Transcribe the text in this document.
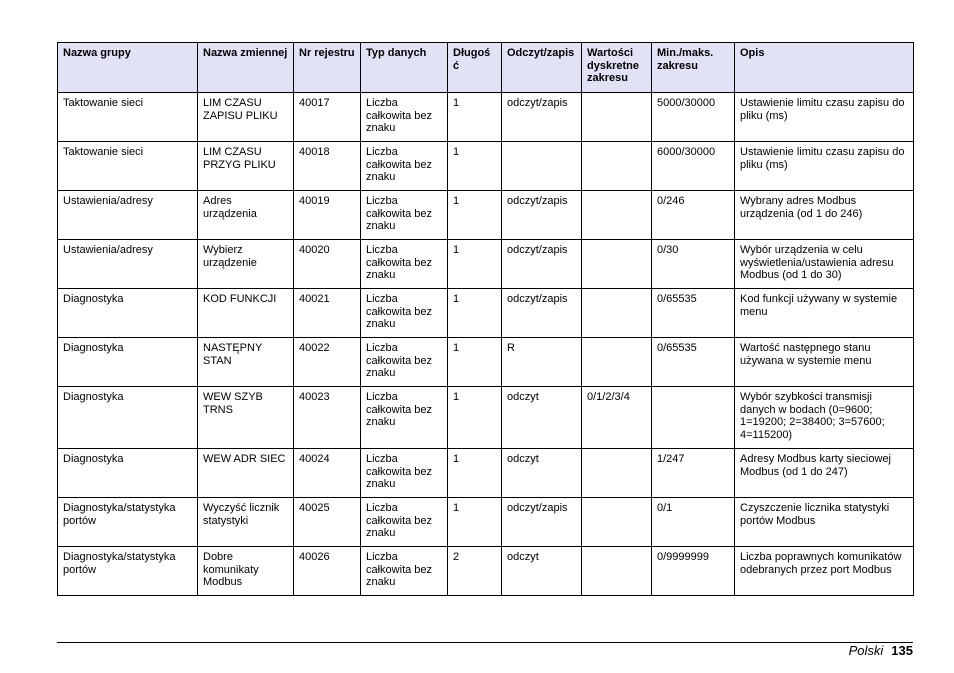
Nazwa grupy	Nazwa zmiennej	Nr rejestru	Typ danych	Długość	Odczyt/zapis	Wartości dyskretne zakresu	Min./maks. zakresu	Opis
Taktowanie sieci	LIM CZASU ZAPISU PLIKU	40017	Liczba całkowita bez znaku	1	odczyt/zapis		5000/30000	Ustawienie limitu czasu zapisu do pliku (ms)
Taktowanie sieci	LIM CZASU PRZYG PLIKU	40018	Liczba całkowita bez znaku	1			6000/30000	Ustawienie limitu czasu zapisu do pliku (ms)
Ustawienia/adresy	Adres urządzenia	40019	Liczba całkowita bez znaku	1	odczyt/zapis		0/246	Wybrany adres Modbus urządzenia (od 1 do 246)
Ustawienia/adresy	Wybierz urządzenie	40020	Liczba całkowita bez znaku	1	odczyt/zapis		0/30	Wybór urządzenia w celu wyświetlenia/ustawienia adresu Modbus (od 1 do 30)
Diagnostyka	KOD FUNKCJI	40021	Liczba całkowita bez znaku	1	odczyt/zapis		0/65535	Kod funkcji używany w systemie menu
Diagnostyka	NASTĘPNY STAN	40022	Liczba całkowita bez znaku	1	R		0/65535	Wartość następnego stanu używana w systemie menu
Diagnostyka	WEW SZYB TRNS	40023	Liczba całkowita bez znaku	1	odczyt	0/1/2/3/4		Wybór szybkości transmisji danych w bodach (0=9600; 1=19200; 2=38400; 3=57600; 4=115200)
Diagnostyka	WEW ADR SIEC	40024	Liczba całkowita bez znaku	1	odczyt		1/247	Adresy Modbus karty sieciowej Modbus (od 1 do 247)
Diagnostyka/statystyka portów	Wyczyść licznik statystyki	40025	Liczba całkowita bez znaku	1	odczyt/zapis		0/1	Czyszczenie licznika statystyki portów Modbus
Diagnostyka/statystyka portów	Dobre komunikaty Modbus	40026	Liczba całkowita bez znaku	2	odczyt		0/9999999	Liczba poprawnych komunikatów odebranych przez port Modbus
Polski 135
